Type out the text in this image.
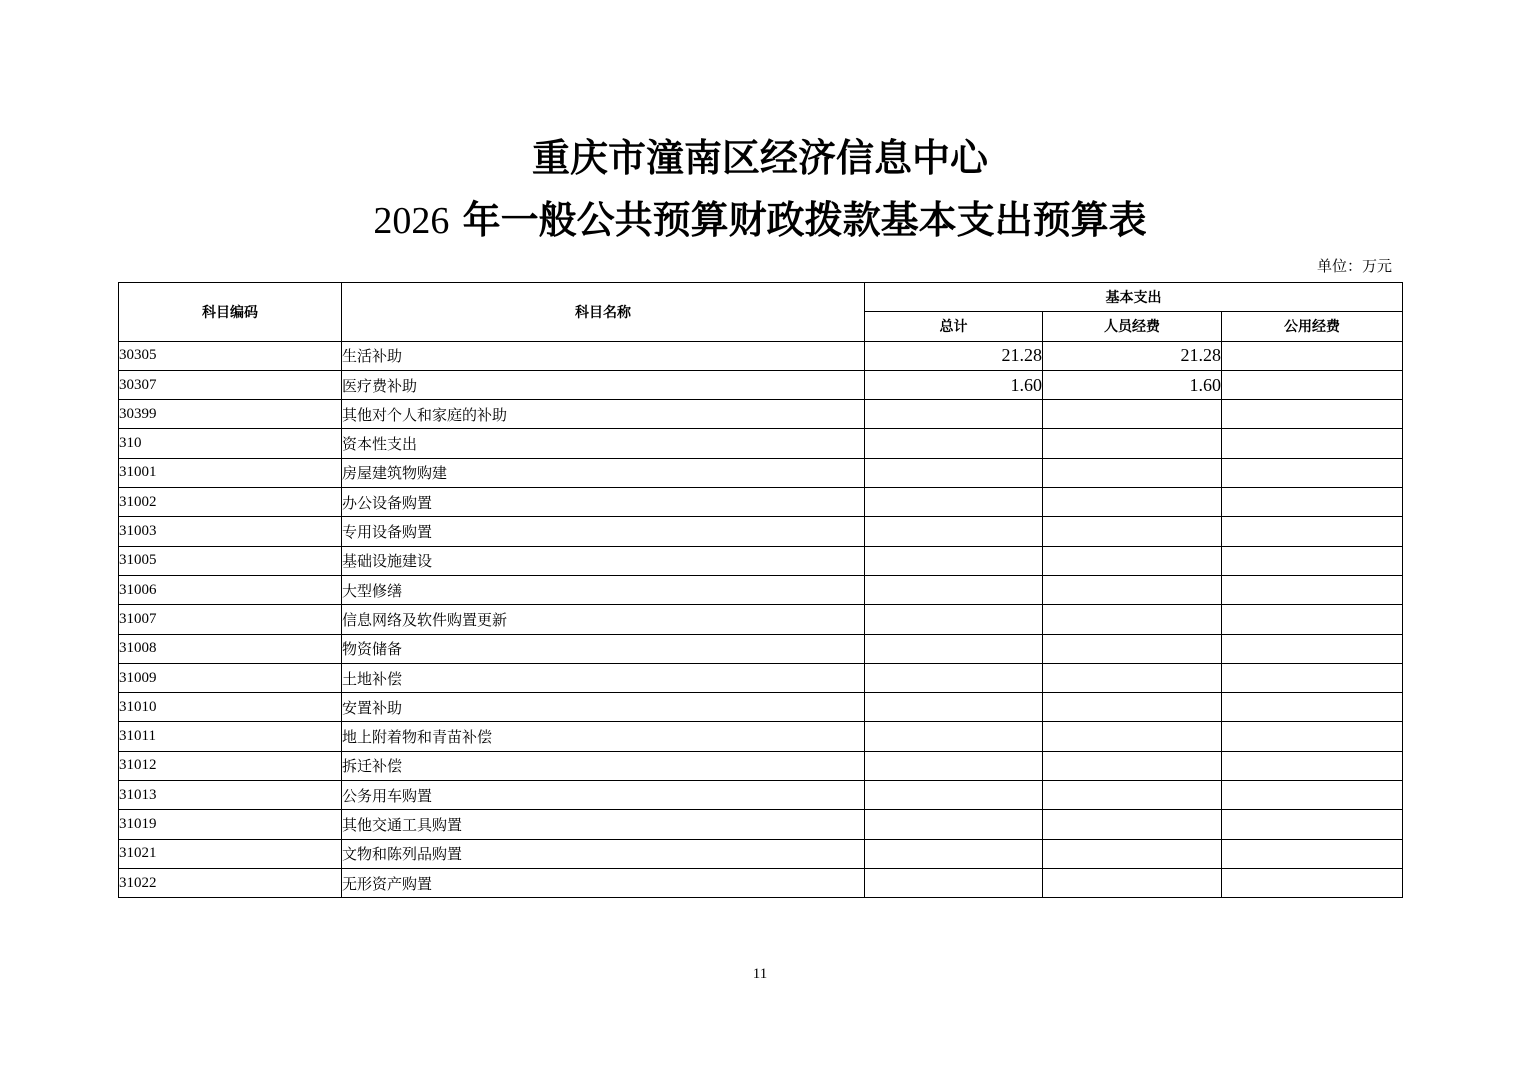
重庆市潼南区经济信息中心
2026 年一般公共预算财政拨款基本支出预算表
单位：万元
科目编码	科目名称	基本支出		
		总计	人员经费	公用经费
30305	生活补助	21.28	21.28	
30307	医疗费补助	1.60	1.60	
30399	其他对个人和家庭的补助			
310	资本性支出			
31001	房屋建筑物购建			
31002	办公设备购置			
31003	专用设备购置			
31005	基础设施建设			
31006	大型修缮			
31007	信息网络及软件购置更新			
31008	物资储备			
31009	土地补偿			
31010	安置补助			
31011	地上附着物和青苗补偿			
31012	拆迁补偿			
31013	公务用车购置			
31019	其他交通工具购置			
31021	文物和陈列品购置			
31022	无形资产购置			
11
